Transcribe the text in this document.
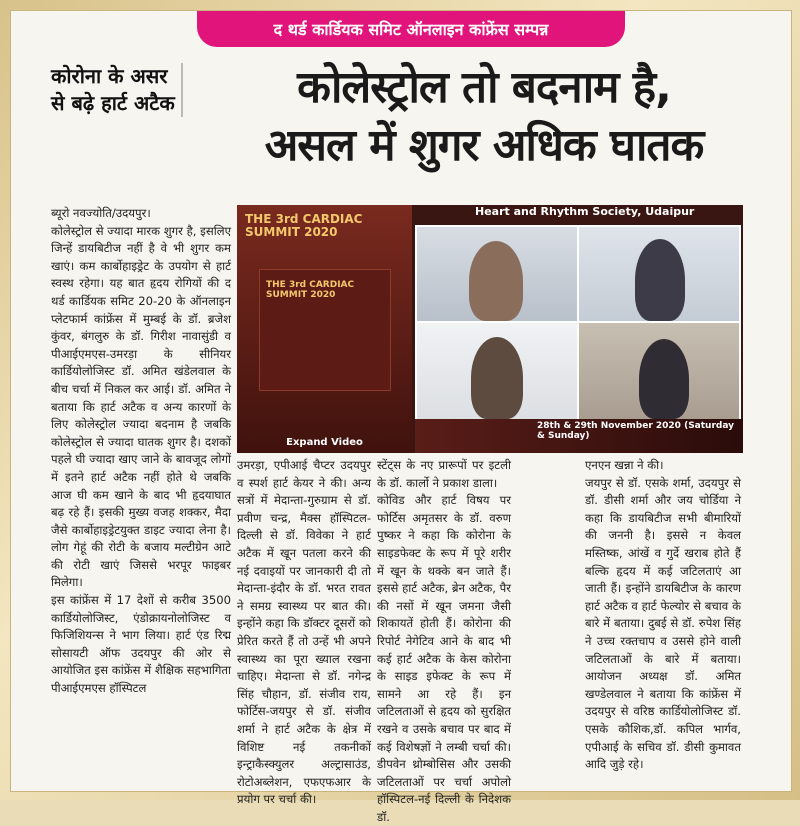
द थर्ड कार्डियक समिट ऑनलाइन कांफ्रेंस सम्पन्न
कोरोना के असर से बढ़े हार्ट अटैक	कोलेस्ट्रोल तो बदनाम है,
असल में शुगर अधिक घातक
ब्यूरो नवज्योति/उदयपुर।
कोलेस्ट्रोल से ज्यादा मारक शुगर है, इसलिए जिन्हें डायबिटीज नहीं है वे भी शुगर कम खाएं। कम कार्बोहाइड्रेट के उपयोग से हार्ट स्वस्थ रहेगा। यह बात हृदय रोगियों की द थर्ड कार्डियक समिट 20-20 के ऑनलाइन प्लेटफार्म कांफ्रेंस में मुम्बई के डॉ. ब्रजेश कुंवर, बंगलुरु के डॉ. गिरीश नावासुंडी व पीआईएमएस-उमरड़ा के सीनियर कार्डियोलोजिस्ट डॉ. अमित खंडेलवाल के बीच चर्चा में निकल कर आई। डॉ. अमित ने बताया कि हार्ट अटैक व अन्य कारणों के लिए कोलेस्ट्रोल ज्यादा बदनाम है जबकि कोलेस्ट्रोल से ज्यादा घातक शुगर है। दशकों पहले घी ज्यादा खाए जाने के बावजूद लोगों में इतने हार्ट अटैक नहीं होते थे जबकि आज घी कम खाने के बाद भी हृदयाघात बढ़ रहे हैं। इसकी मुख्य वजह शक्कर, मैदा जैसे कार्बोहाइड्रेटयुक्त डाइट ज्यादा लेना है। लोग गेहूं की रोटी के बजाय मल्टीग्रेन आटे की रोटी खाएं जिससे भरपूर फाइबर मिलेगा।
इस कांफ्रेंस में 17 देशों से करीब 3500 कार्डियोलोजिस्ट, एंडोक्रायनोलोजिस्ट व फिजिशियन्स ने भाग लिया। हार्ट एंड रिद्म सोसायटी ऑफ उदयपुर की ओर से आयोजित इस कांफ्रेंस में शैक्षिक सहभागिता पीआईएमएस हॉस्पिटल
THE 3rd CARDIAC SUMMIT 2020
THE 3rd CARDIAC SUMMIT 2020
Expand Video
Heart and Rhythm Society, Udaipur
28th & 29th November 2020 (Saturday & Sunday)
उमरड़ा, एपीआई चैप्टर उदयपुर व स्पर्श हार्ट केयर ने की। अन्य सत्रों में मेदान्ता-गुरुग्राम से डॉ. प्रवीण चन्द्र, मैक्स हॉस्पिटल-दिल्ली से डॉ. विवेका ने हार्ट अटैक में खून पतला करने की नई दवाइयों पर जानकारी दी तो मेदान्ता-इंदौर के डॉ. भरत रावत ने समग्र स्वास्थ्य पर बात की। इन्होंने कहा कि डॉक्टर दूसरों को प्रेरित करते हैं तो उन्हें भी अपने स्वास्थ्य का पूरा ख्याल रखना चाहिए। मेदान्ता से डॉ. नगेन्द्र सिंह चौहान, डॉ. संजीव राय, फोर्टिस-जयपुर से डॉ. संजीव शर्मा ने हार्ट अटैक के क्षेत्र में विशिष्ट नई तकनीकों इन्ट्राकैस्क्युलर अल्ट्रासाउंड, रोटोअब्लेशन, एफएफआर के प्रयोग पर चर्चा की।
स्टेंट्स के नए प्रारूपों पर इटली के डॉ. कार्लो ने प्रकाश डाला।
कोविड और हार्ट विषय पर फोर्टिस अमृतसर के डॉ. वरुण पुष्कर ने कहा कि कोरोना के साइडफेक्ट के रूप में पूरे शरीर में खून के थक्के बन जाते हैं। इससे हार्ट अटैक, ब्रेन अटैक, पैर की नसों में खून जमना जैसी शिकायतें होती हैं। कोरोना की रिपोर्ट नेगेटिव आने के बाद भी कई हार्ट अटैक के केस कोरोना के साइड इफेक्ट के रूप में सामने आ रहे हैं। इन जटिलताओं से हृदय को सुरक्षित रखने व उसके बचाव पर बाद में कई विशेषज्ञों ने लम्बी चर्चा की। डीपवेन थ्रोम्बोसिस और उसकी जटिलताओं पर चर्चा अपोलो हॉस्पिटल-नई दिल्ली के निदेशक डॉ.
एनएन खन्ना ने की।
जयपुर से डॉ. एसके शर्मा, उदयपुर से डॉ. डीसी शर्मा और जय चोर्डिया ने कहा कि डायबिटीज सभी बीमारियों की जननी है। इससे न केवल मस्तिष्क, आंखें व गुर्दे खराब होते हैं बल्कि हृदय में कई जटिलताएं आ जाती हैं। इन्होंने डायबिटीज के कारण हार्ट अटैक व हार्ट फेल्योर से बचाव के बारे में बताया। दुबई से डॉ. रुपेश सिंह ने उच्च रक्तचाप व उससे होने वाली जटिलताओं के बारे में बताया। आयोजन अध्यक्ष डॉ. अमित खण्डेलवाल ने बताया कि कांफ्रेंस में उदयपुर से वरिष्ठ कार्डियोलोजिस्ट डॉ. एसके कौशिक,डॉ. कपिल भार्गव, एपीआई के सचिव डॉ. डीसी कुमावत आदि जुड़े रहे।
